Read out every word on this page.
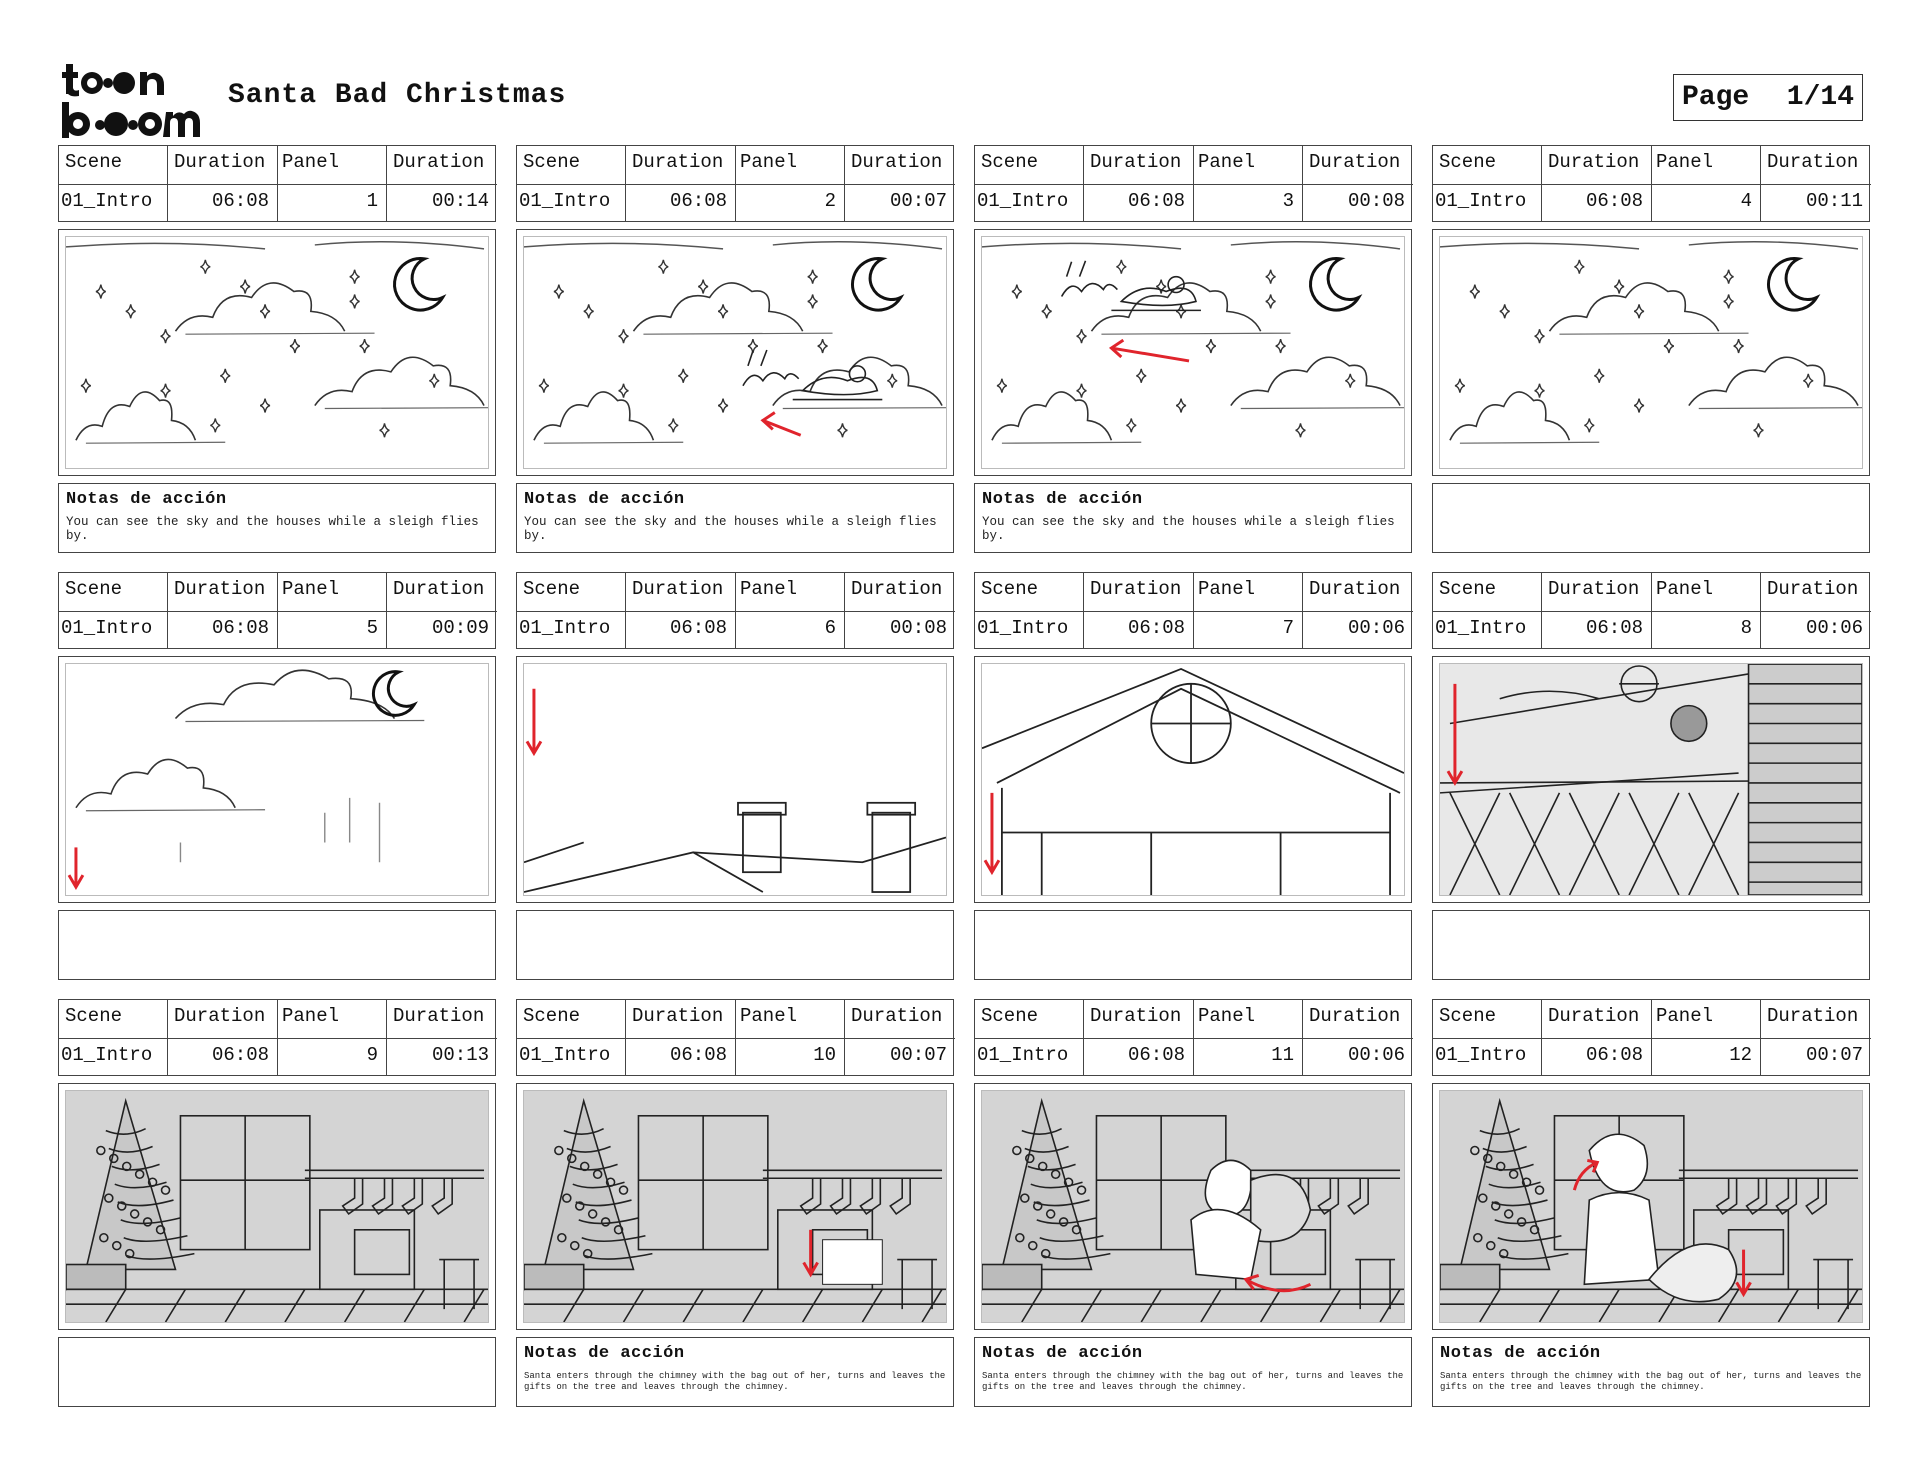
Santa Bad Christmas	Page 1/14
Scene	Duration Panel	Duration
01_Intro	06:08	1	00:14
Notas de acción
You can see the sky and the houses while a sleigh flies by.
Scene	Duration Panel	Duration
01_Intro	06:08	2	00:07
Notas de acción
You can see the sky and the houses while a sleigh flies by.
Scene	Duration Panel	Duration
01_Intro	06:08	3	00:08
Notas de acción
You can see the sky and the houses while a sleigh flies by.
Scene	Duration Panel	Duration
01_Intro	06:08	4	00:11
Scene	Duration Panel	Duration
01_Intro	06:08	5	00:09
Scene	Duration Panel	Duration
01_Intro	06:08	6	00:08
Scene	Duration Panel	Duration
01_Intro	06:08	7	00:06
Scene	Duration Panel	Duration
01_Intro	06:08	8	00:06
Scene	Duration Panel	Duration
01_Intro	06:08	9	00:13
Scene	Duration Panel	Duration
01_Intro	06:08	10	00:07
Notas de acción
Santa enters through the chimney with the bag out of her, turns and leaves the gifts on the tree and leaves through the chimney.
Scene	Duration Panel	Duration
01_Intro	06:08	11	00:06
Notas de acción
Santa enters through the chimney with the bag out of her, turns and leaves the gifts on the tree and leaves through the chimney.
Scene	Duration Panel	Duration
01_Intro	06:08	12	00:07
Notas de acción
Santa enters through the chimney with the bag out of her, turns and leaves the gifts on the tree and leaves through the chimney.
